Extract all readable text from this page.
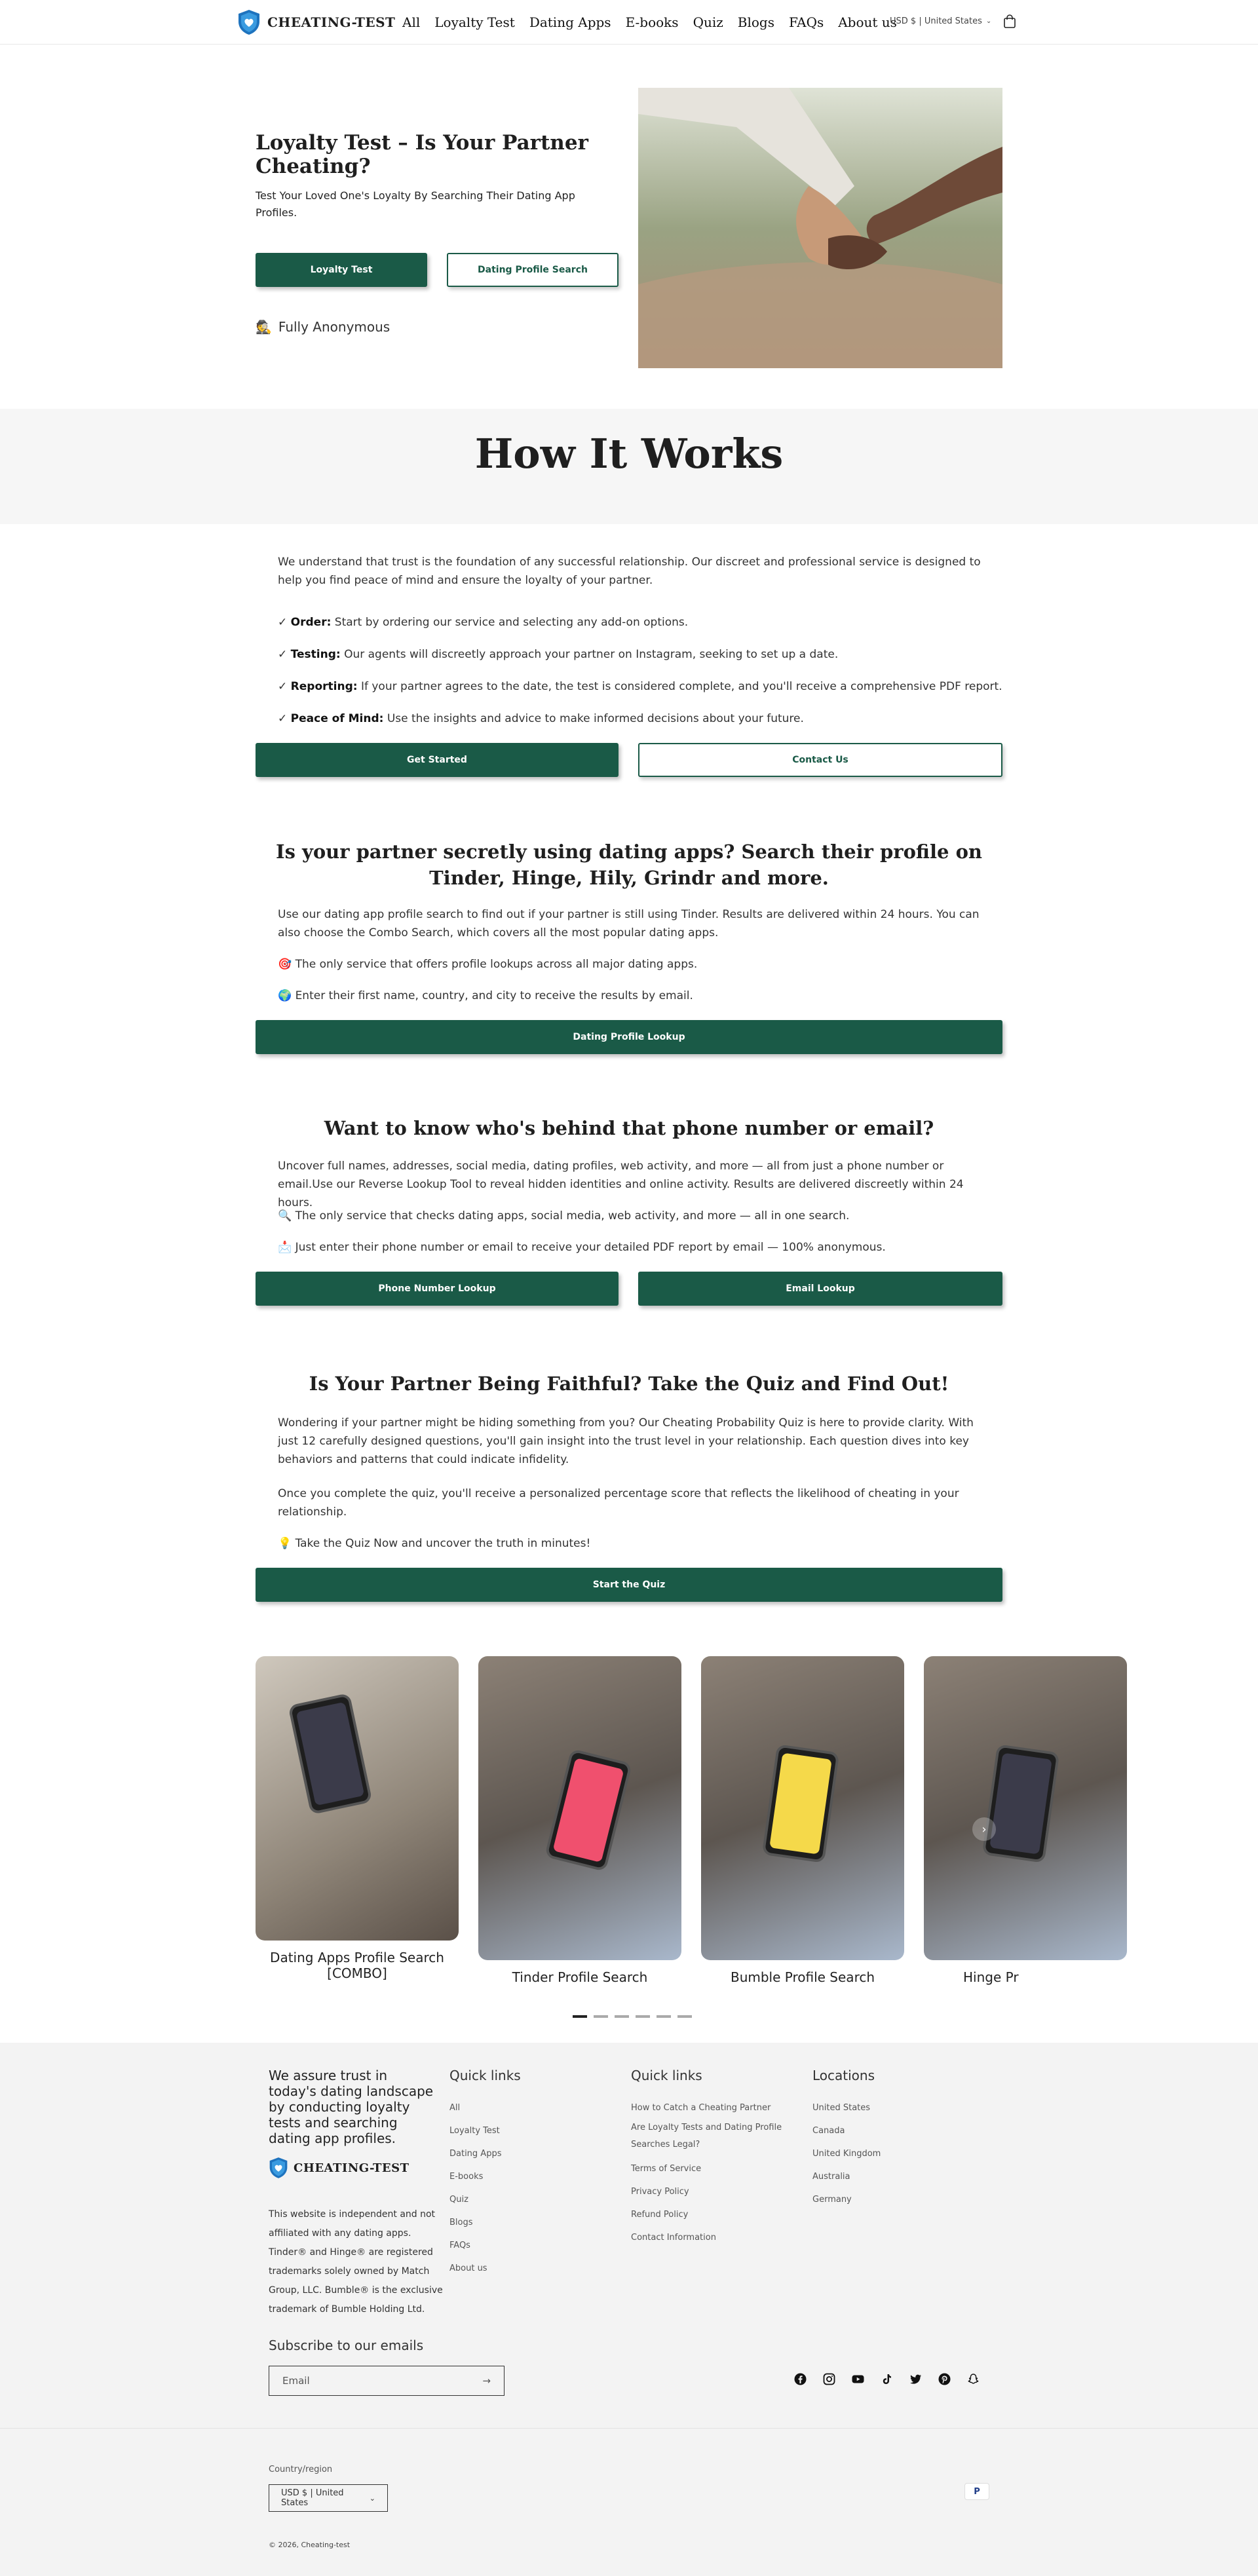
CHEATING-TEST All Loyalty Test Dating Apps E-books Quiz Blogs FAQs About us
USD $ | United States ⌄
Loyalty Test – Is Your Partner Cheating?

Test Your Loved One's Loyalty By Searching Their Dating App Profiles.

Loyalty Test	Dating Profile Search
🕵️ Fully Anonymous
How It Works

We understand that trust is the foundation of any successful relationship. Our discreet and professional service is designed to help you find peace of mind and ensure the loyalty of your partner.

✓ Order: Start by ordering our service and selecting any add-on options.
✓ Testing: Our agents will discreetly approach your partner on Instagram, seeking to set up a date.
✓ Reporting: If your partner agrees to the date, the test is considered complete, and you'll receive a comprehensive PDF report.
✓ Peace of Mind: Use the insights and advice to make informed decisions about your future.
Get Started	Contact Us
Is your partner secretly using dating apps? Search their profile on Tinder, Hinge, Hily, Grindr and more.

Use our dating app profile search to find out if your partner is still using Tinder. Results are delivered within 24 hours. You can also choose the Combo Search, which covers all the most popular dating apps.

🎯 The only service that offers profile lookups across all major dating apps.
🌍 Enter their first name, country, and city to receive the results by email.
Dating Profile Lookup
Want to know who's behind that phone number or email?

Uncover full names, addresses, social media, dating profiles, web activity, and more — all from just a phone number or email.Use our Reverse Lookup Tool to reveal hidden identities and online activity. Results are delivered discreetly within 24 hours.

🔍 The only service that checks dating apps, social media, web activity, and more — all in one search.
📩 Just enter their phone number or email to receive your detailed PDF report by email — 100% anonymous.
Phone Number Lookup	Email Lookup
Is Your Partner Being Faithful? Take the Quiz and Find Out!

Wondering if your partner might be hiding something from you? Our Cheating Probability Quiz is here to provide clarity. With just 12 carefully designed questions, you'll gain insight into the trust level in your relationship. Each question dives into key behaviors and patterns that could indicate infidelity.

Once you complete the quiz, you'll receive a personalized percentage score that reflects the likelihood of cheating in your relationship.

💡 Take the Quiz Now and uncover the truth in minutes!
Start the Quiz
Dating Apps Profile Search [COMBO]	Tinder Profile Search	Bumble Profile Search	Hinge Pr
›
We assure trust in today's dating landscape by conducting loyalty tests and searching dating app profiles.
CHEATING-TEST

This website is independent and not affiliated with any dating apps. Tinder® and Hinge® are registered trademarks solely owned by Match Group, LLC. Bumble® is the exclusive trademark of Bumble Holding Ltd.

Quick links
All
Loyalty Test
Dating Apps
E-books
Quiz
Blogs
FAQs
About us
Quick links
How to Catch a Cheating Partner
Are Loyalty Tests and Dating Profile Searches Legal?
Terms of Service
Privacy Policy
Refund Policy
Contact Information
Locations
United States
Canada
United Kingdom
Australia
Germany
Subscribe to our emails
Email	→
Country/region
USD $ | United States	⌄
P
© 2026, Cheating-test
